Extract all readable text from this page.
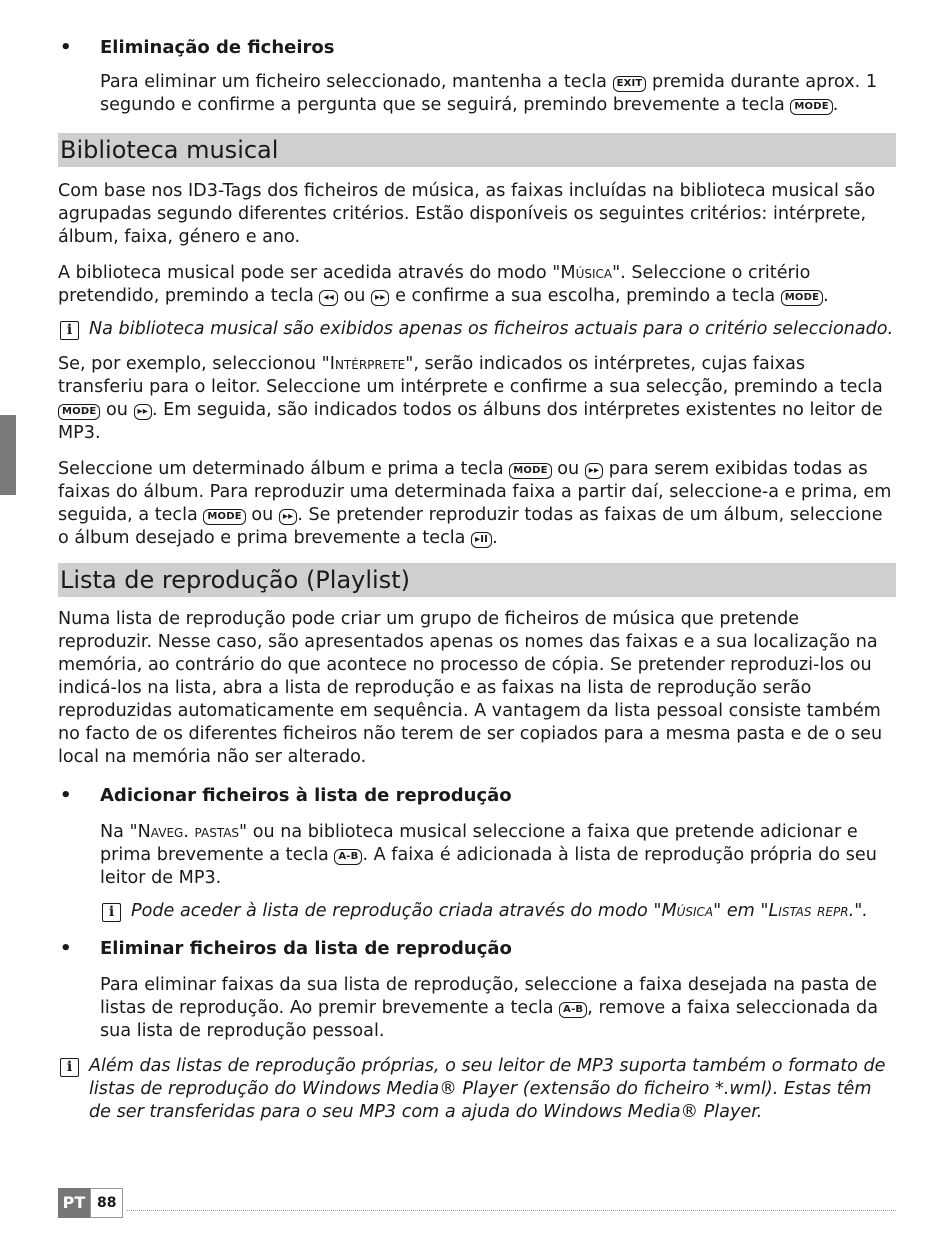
•	Eliminação de ficheiros

Para eliminar um ficheiro seleccionado, mantenha a tecla EXIT premida durante aprox. 1 segundo e confirme a pergunta que se seguirá, premindo brevemente a tecla MODE .

Biblioteca musical

Com base nos ID3-Tags dos ficheiros de música, as faixas incluídas na biblioteca musical são agrupadas segundo diferentes critérios. Estão disponíveis os seguintes critérios: intérprete, álbum, faixa, género e ano.

A biblioteca musical pode ser acedida através do modo "Música". Seleccione o critério pretendido, premindo a tecla ◂◂ ou ▸▸ e confirme a sua escolha, premindo a tecla MODE .

i Na biblioteca musical são exibidos apenas os ficheiros actuais para o critério seleccionado.

Se, por exemplo, seleccionou "Intérprete", serão indicados os intérpretes, cujas faixas transferiu para o leitor. Seleccione um intérprete e confirme a sua selecção, premindo a tecla MODE ou ▸▸ . Em seguida, são indicados todos os álbuns dos intérpretes existentes no leitor de MP3.

Seleccione um determinado álbum e prima a tecla MODE ou ▸▸ para serem exibidas todas as faixas do álbum. Para reproduzir uma determinada faixa a partir daí, seleccione-a e prima, em seguida, a tecla MODE ou ▸▸ . Se pretender reproduzir todas as faixas de um álbum, seleccione o álbum desejado e prima brevemente a tecla ▸II .

Lista de reprodução (Playlist)

Numa lista de reprodução pode criar um grupo de ficheiros de música que pretende reproduzir. Nesse caso, são apresentados apenas os nomes das faixas e a sua localização na memória, ao contrário do que acontece no processo de cópia. Se pretender reproduzi-los ou indicá-los na lista, abra a lista de reprodução e as faixas na lista de reprodução serão reproduzidas automaticamente em sequência. A vantagem da lista pessoal consiste também no facto de os diferentes ficheiros não terem de ser copiados para a mesma pasta e de o seu local na memória não ser alterado.

•	Adicionar ficheiros à lista de reprodução

Na "Naveg. pastas" ou na biblioteca musical seleccione a faixa que pretende adicionar e prima brevemente a tecla A-B . A faixa é adicionada à lista de reprodução própria do seu leitor de MP3.

i Pode aceder à lista de reprodução criada através do modo "Música" em "Listas repr.".

•	Eliminar ficheiros da lista de reprodução

Para eliminar faixas da sua lista de reprodução, seleccione a faixa desejada na pasta de listas de reprodução. Ao premir brevemente a tecla A-B , remove a faixa seleccionada da sua lista de reprodução pessoal.

i Além das listas de reprodução próprias, o seu leitor de MP3 suporta também o formato de listas de reprodução do Windows Media® Player (extensão do ficheiro *.wml). Estas têm de ser transferidas para o seu MP3 com a ajuda do Windows Media® Player.

PT 88
